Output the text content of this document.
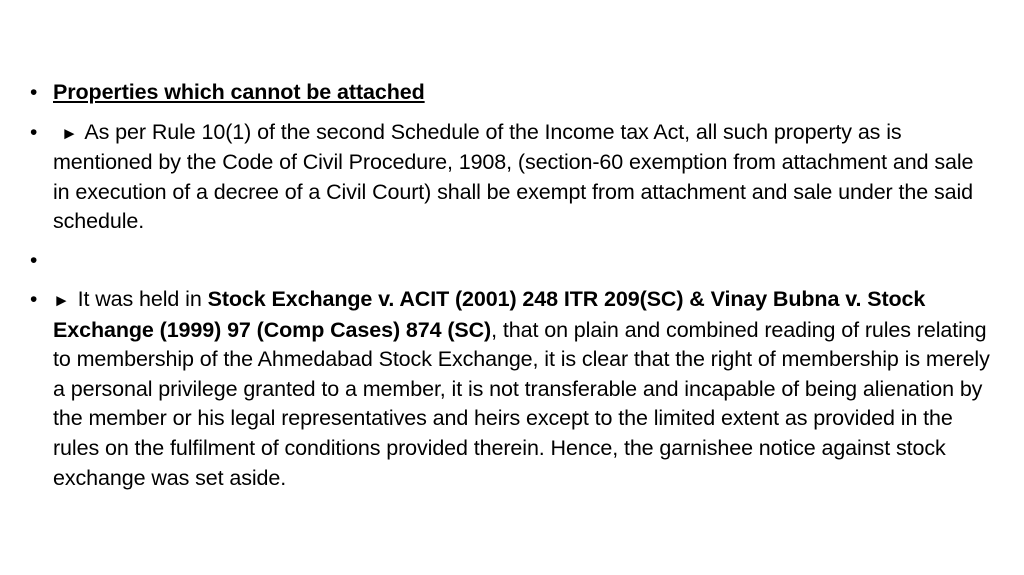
• Properties which cannot be attached
• ► As per Rule 10(1) of the second Schedule of the Income tax Act, all such property as is mentioned by the Code of Civil Procedure, 1908, (section-60 exemption from attachment and sale in execution of a decree of a Civil Court) shall be exempt from attachment and sale under the said schedule.
•
• ► It was held in Stock Exchange v. ACIT (2001) 248 ITR 209(SC) & Vinay Bubna v. Stock Exchange (1999) 97 (Comp Cases) 874 (SC), that on plain and combined reading of rules relating to membership of the Ahmedabad Stock Exchange, it is clear that the right of membership is merely a personal privilege granted to a member, it is not transferable and incapable of being alienation by the member or his legal representatives and heirs except to the limited extent as provided in the rules on the fulfilment of conditions provided therein. Hence, the garnishee notice against stock exchange was set aside.
